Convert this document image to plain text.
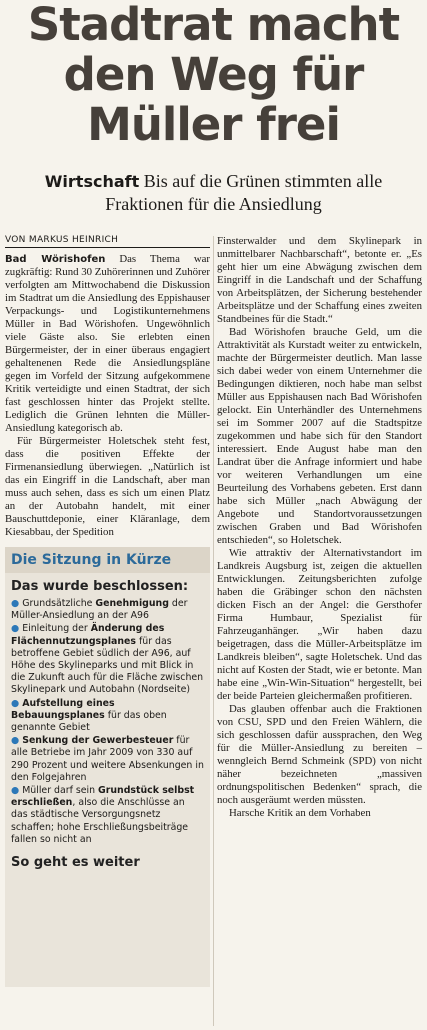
Stadtrat macht
den Weg für
Müller frei
Wirtschaft Bis auf die Grünen stimmten alle Fraktionen für die Ansiedlung
VON MARKUS HEINRICH

Bad Wörishofen Das Thema war zugkräftig: Rund 30 Zuhörerinnen und Zuhörer verfolgten am Mittwochabend die Diskussion im Stadtrat um die Ansiedlung des Eppishauser Verpackungs- und Logistikunternehmens Müller in Bad Wörishofen. Ungewöhnlich viele Gäste also. Sie erlebten einen Bürgermeister, der in einer überaus engagiert gehaltenenen Rede die Ansiedlungspläne gegen im Vorfeld der Sitzung aufgekommene Kritik verteidigte und einen Stadtrat, der sich fast geschlossen hinter das Projekt stellte. Lediglich die Grünen lehnten die Müller-Ansiedlung kategorisch ab.

Für Bürgermeister Holetschek steht fest, dass die positiven Effekte der Firmenansiedlung überwiegen. „Natürlich ist das ein Eingriff in die Landschaft, aber man muss auch sehen, dass es sich um einen Platz an der Autobahn handelt, mit einer Bauschuttdeponie, einer Kläranlage, dem Kiesabbau, der Spedition

Die Sitzung in Kürze
Das wurde beschlossen:
● Grundsätzliche Genehmigung der Müller-Ansiedlung an der A96
● Einleitung der Änderung des Flächennutzungsplanes für das betroffene Gebiet südlich der A96, auf Höhe des Skylineparks und mit Blick in die Zukunft auch für die Fläche zwischen Skylinepark und Autobahn (Nordseite)
● Aufstellung eines Bebauungsplanes für das oben genannte Gebiet
● Senkung der Gewerbesteuer für alle Betriebe im Jahr 2009 von 330 auf 290 Prozent und weitere Absenkungen in den Folgejahren
● Müller darf sein Grundstück selbst erschließen, also die Anschlüsse an das städtische Versorgungsnetz schaffen; hohe Erschließungsbeiträge fallen so nicht an
So geht es weiter

Finsterwalder und dem Skylinepark in unmittelbarer Nachbarschaft“, betonte er. „Es geht hier um eine Abwägung zwischen dem Eingriff in die Landschaft und der Schaffung von Arbeitsplätzen, der Sicherung bestehender Arbeitsplätze und der Schaffung eines zweiten Standbeines für die Stadt.“

Bad Wörishofen brauche Geld, um die Attraktivität als Kurstadt weiter zu entwickeln, machte der Bürgermeister deutlich. Man lasse sich dabei weder von einem Unternehmer die Bedingungen diktieren, noch habe man selbst Müller aus Eppishausen nach Bad Wörishofen gelockt. Ein Unterhändler des Unternehmens sei im Sommer 2007 auf die Stadtspitze zugekommen und habe sich für den Standort interessiert. Ende August habe man den Landrat über die Anfrage informiert und habe vor weiteren Verhandlungen um eine Beurteilung des Vorhabens gebeten. Erst dann habe sich Müller „nach Abwägung der Angebote und Standortvoraussetzungen zwischen Graben und Bad Wörishofen entschieden“, so Holetschek.

Wie attraktiv der Alternativstandort im Landkreis Augsburg ist, zeigen die aktuellen Entwicklungen. Zeitungsberichten zufolge haben die Gräbinger schon den nächsten dicken Fisch an der Angel: die Gersthofer Firma Humbaur, Spezialist für Fahrzeuganhänger. „Wir haben dazu beigetragen, dass die Müller-Arbeitsplätze im Landkreis bleiben“, sagte Holetschek. Und das nicht auf Kosten der Stadt, wie er betonte. Man habe eine „Win-Win-Situation“ hergestellt, bei der beide Parteien gleichermaßen profitieren.

Das glauben offenbar auch die Fraktionen von CSU, SPD und den Freien Wählern, die sich geschlossen dafür aussprachen, den Weg für die Müller-Ansiedlung zu bereiten – wenngleich Bernd Schmeink (SPD) von nicht näher bezeichneten „massiven ordnungspolitischen Bedenken“ sprach, die noch ausgeräumt werden müssten.

Harsche Kritik an dem Vorhaben
